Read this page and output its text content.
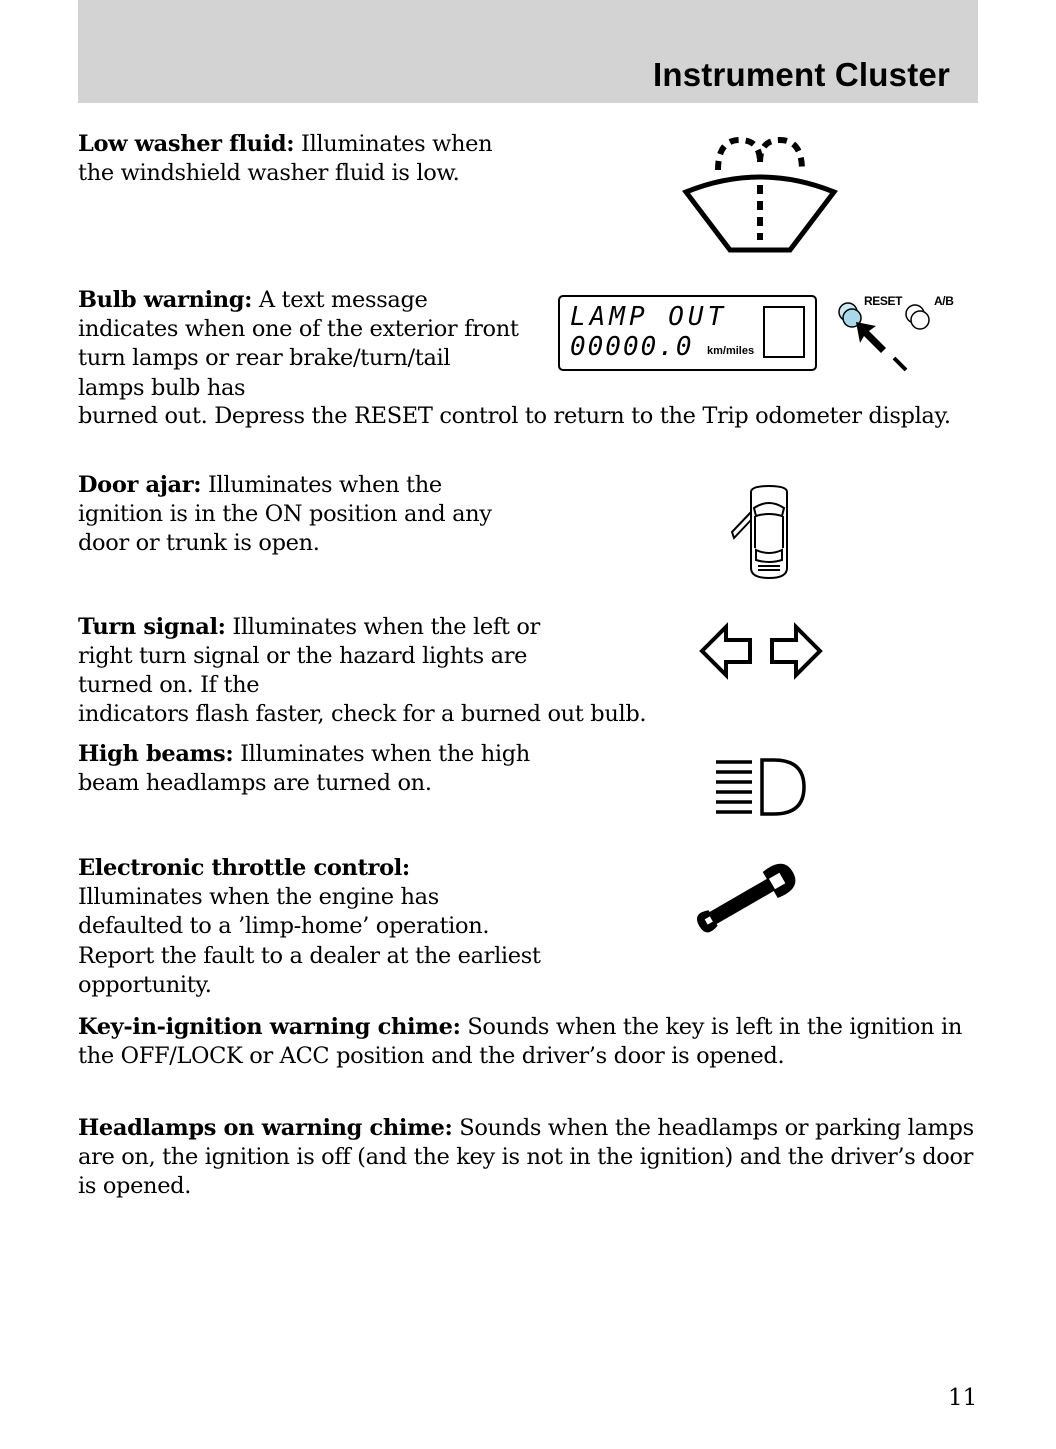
Instrument Cluster

Low washer fluid: Illuminates when the windshield washer fluid is low.

Bulb warning: A text message indicates when one of the exterior front turn lamps or rear brake/turn/tail lamps bulb has

burned out. Depress the RESET control to return to the Trip odometer display.

LAMP OUT
00000.0 km/miles
RESET	A/B

Door ajar: Illuminates when the ignition is in the ON position and any door or trunk is open.

Turn signal: Illuminates when the left or right turn signal or the hazard lights are turned on. If the

indicators flash faster, check for a burned out bulb.

High beams: Illuminates when the high beam headlamps are turned on.

Electronic throttle control:
Illuminates when the engine has defaulted to a ’limp-home’ operation. Report the fault to a dealer at the earliest opportunity.

Key-in-ignition warning chime: Sounds when the key is left in the ignition in the OFF/LOCK or ACC position and the driver’s door is opened.

Headlamps on warning chime: Sounds when the headlamps or parking lamps are on, the ignition is off (and the key is not in the ignition) and the driver’s door is opened.

11
